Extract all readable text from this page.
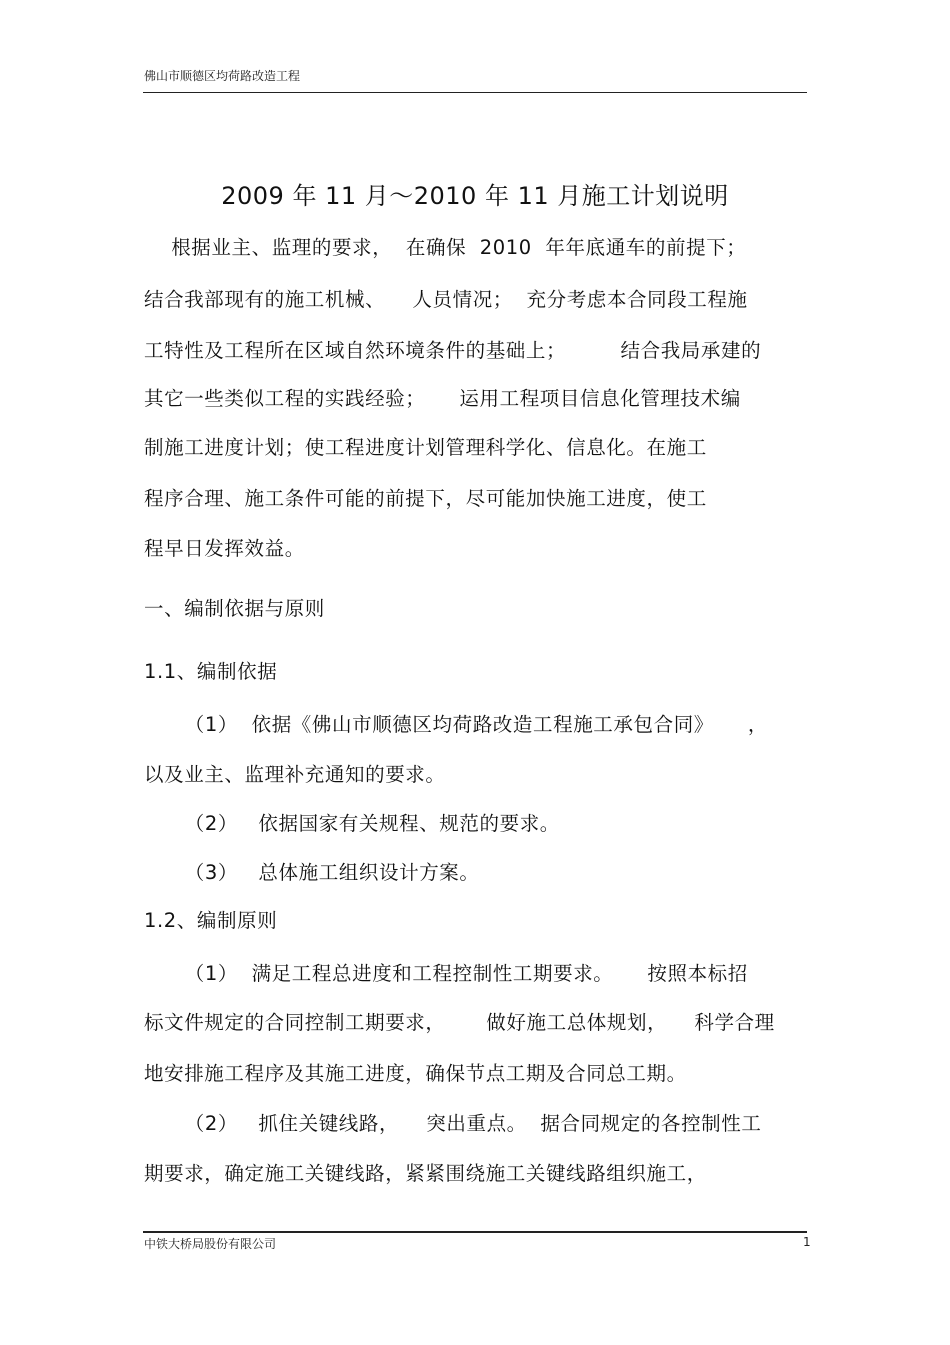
佛山市顺德区均荷路改造工程
2009 年 11 月～2010 年 11 月施工计划说明
根据业主、监理的要求，  在确保  2010  年年底通车的前提下；
结合我部现有的施工机械、    人员情况；  充分考虑本合同段工程施
工特性及工程所在区域自然环境条件的基础上；        结合我局承建的
其它一些类似工程的实践经验；     运用工程项目信息化管理技术编
制施工进度计划；使工程进度计划管理科学化、信息化。在施工
程序合理、施工条件可能的前提下，尽可能加快施工进度，使工
程早日发挥效益。
一、编制依据与原则
1.1、编制依据
（1）  依据《佛山市顺德区均荷路改造工程施工承包合同》     ，
以及业主、监理补充通知的要求。
（2）   依据国家有关规程、规范的要求。
（3）   总体施工组织设计方案。
1.2、编制原则
（1）  满足工程总进度和工程控制性工期要求。     按照本标招
标文件规定的合同控制工期要求，      做好施工总体规划，    科学合理
地安排施工程序及其施工进度，确保节点工期及合同总工期。
（2）   抓住关键线路，    突出重点。  据合同规定的各控制性工
期要求，确定施工关键线路，紧紧围绕施工关键线路组织施工，
中铁大桥局股份有限公司	1
